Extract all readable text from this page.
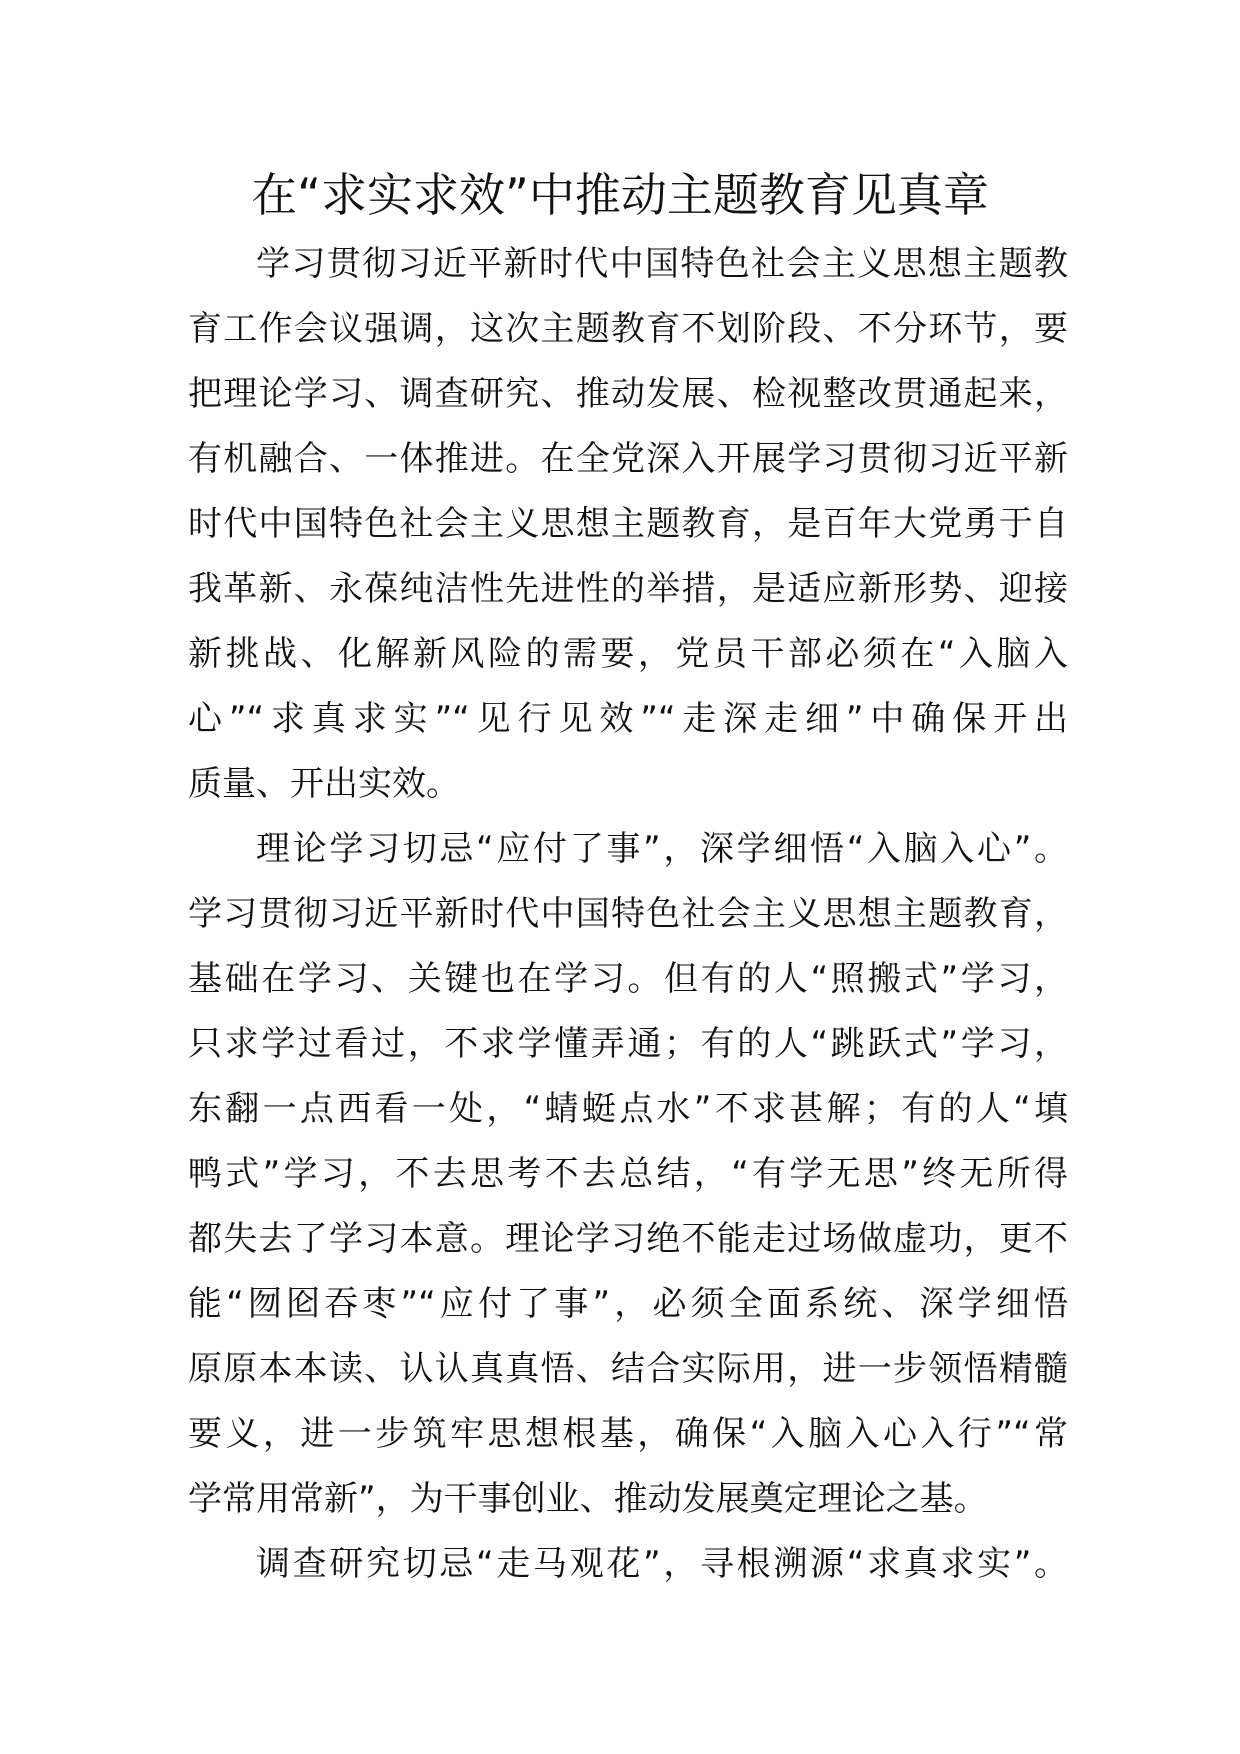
在“求实求效”中推动主题教育见真章
学习贯彻习近平新时代中国特色社会主义思想主题教
育工作会议强调，这次主题教育不划阶段、不分环节，要
把理论学习、调查研究、推动发展、检视整改贯通起来，
有机融合、一体推进。在全党深入开展学习贯彻习近平新
时代中国特色社会主义思想主题教育，是百年大党勇于自
我革新、永葆纯洁性先进性的举措，是适应新形势、迎接
新挑战、化解新风险的需要，党员干部必须在“入脑入
心”“求真求实”“见行见效”“走深走细”中确保开出
质量、开出实效。
理论学习切忌“应付了事”，深学细悟“入脑入心”。
学习贯彻习近平新时代中国特色社会主义思想主题教育，
基础在学习、关键也在学习。但有的人“照搬式”学习，
只求学过看过，不求学懂弄通；有的人“跳跃式”学习，
东翻一点西看一处，“蜻蜓点水”不求甚解；有的人“填
鸭式”学习，不去思考不去总结，“有学无思”终无所得
都失去了学习本意。理论学习绝不能走过场做虚功，更不
能“囫囵吞枣”“应付了事”，必须全面系统、深学细悟
原原本本读、认认真真悟、结合实际用，进一步领悟精髓
要义，进一步筑牢思想根基，确保“入脑入心入行”“常
学常用常新”，为干事创业、推动发展奠定理论之基。
调查研究切忌“走马观花”，寻根溯源“求真求实”。
